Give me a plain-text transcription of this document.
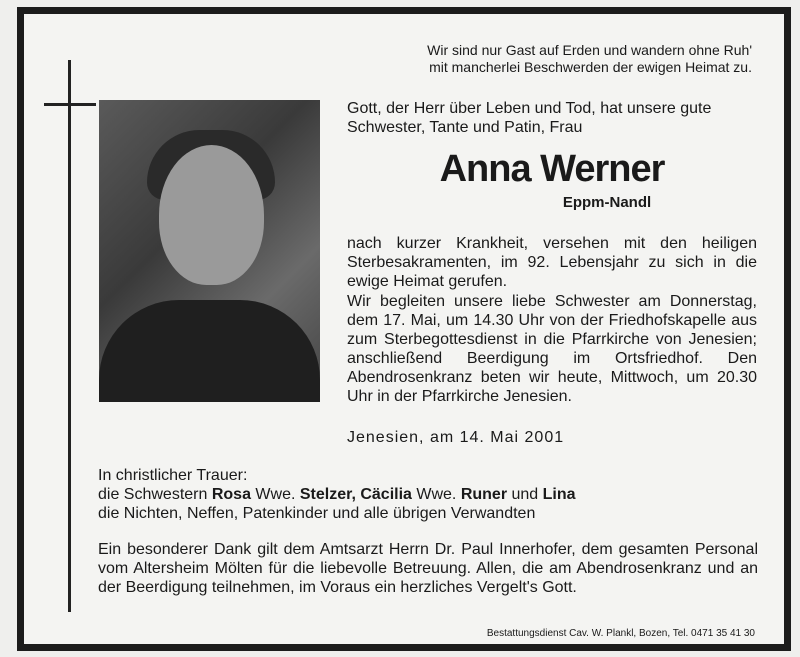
Wir sind nur Gast auf Erden und wandern ohne Ruh'
mit mancherlei Beschwerden der ewigen Heimat zu.
Gott, der Herr über Leben und Tod, hat unsere gute Schwester, Tante und Patin, Frau
Anna Werner
Eppm-Nandl
nach kurzer Krankheit, versehen mit den heiligen Sterbesakramenten, im 92. Lebensjahr zu sich in die ewige Heimat gerufen.
Wir begleiten unsere liebe Schwester am Donnerstag, dem 17. Mai, um 14.30 Uhr von der Friedhofskapelle aus zum Sterbegottesdienst in die Pfarrkirche von Jenesien; anschließend Beerdigung im Ortsfriedhof. Den Abendrosenkranz beten wir heute, Mittwoch, um 20.30 Uhr in der Pfarrkirche Jenesien.
Jenesien, am 14. Mai 2001
In christlicher Trauer:
die Schwestern Rosa Wwe. Stelzer, Cäcilia Wwe. Runer und Lina
die Nichten, Neffen, Patenkinder und alle übrigen Verwandten
Ein besonderer Dank gilt dem Amtsarzt Herrn Dr. Paul Innerhofer, dem gesamten Personal vom Altersheim Mölten für die liebevolle Betreuung. Allen, die am Abendrosenkranz und an der Beerdigung teilnehmen, im Voraus ein herzliches Vergelt's Gott.
Bestattungsdienst Cav. W. Plankl, Bozen, Tel. 0471 35 41 30
